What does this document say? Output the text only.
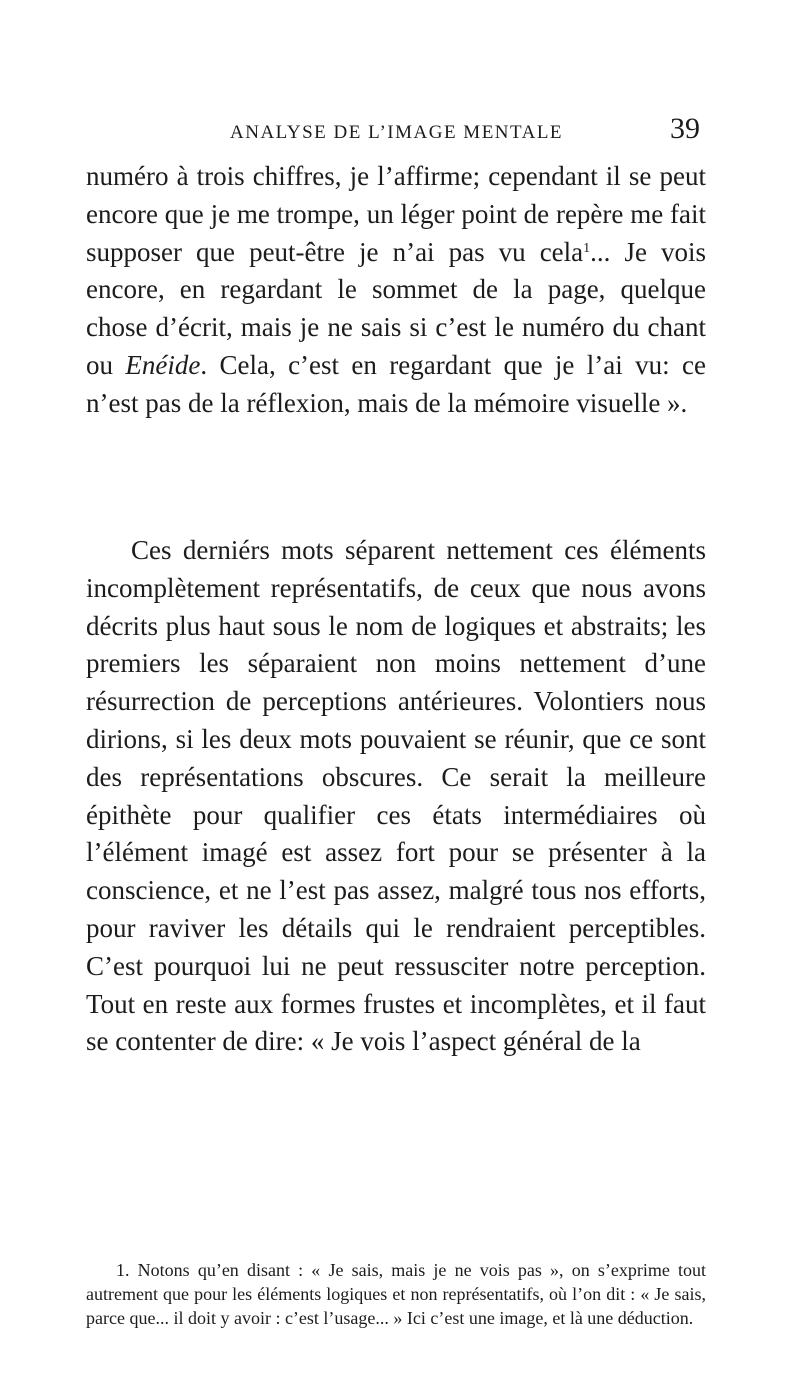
ANALYSE DE L’IMAGE MENTALE	39

numéro à trois chiffres, je l’affirme; cependant il se peut encore que je me trompe, un léger point de repère me fait supposer que peut-être je n’ai pas vu cela$^1$... Je vois encore, en regardant le sommet de la page, quelque chose d’écrit, mais je ne sais si c’est le numéro du chant ou Enéide. Cela, c’est en regardant que je l’ai vu: ce n’est pas de la réflexion, mais de la mémoire visuelle ».

Ces derniérs mots séparent nettement ces éléments incomplètement représentatifs, de ceux que nous avons décrits plus haut sous le nom de logiques et abstraits; les premiers les séparaient non moins nettement d’une résurrection de perceptions antérieures. Volontiers nous dirions, si les deux mots pouvaient se réunir, que ce sont des représentations obscures. Ce serait la meilleure épithète pour qualifier ces états intermédiaires où l’élément imagé est assez fort pour se présenter à la conscience, et ne l’est pas assez, malgré tous nos efforts, pour raviver les détails qui le rendraient perceptibles. C’est pourquoi lui ne peut ressusciter notre perception. Tout en reste aux formes frustes et incomplètes, et il faut se contenter de dire: « Je vois l’aspect général de la

1. Notons qu’en disant : « Je sais, mais je ne vois pas », on s’exprime tout autrement que pour les éléments logiques et non représentatifs, où l’on dit : « Je sais, parce que... il doit y avoir : c’est l’usage... » Ici c’est une image, et là une déduction.
